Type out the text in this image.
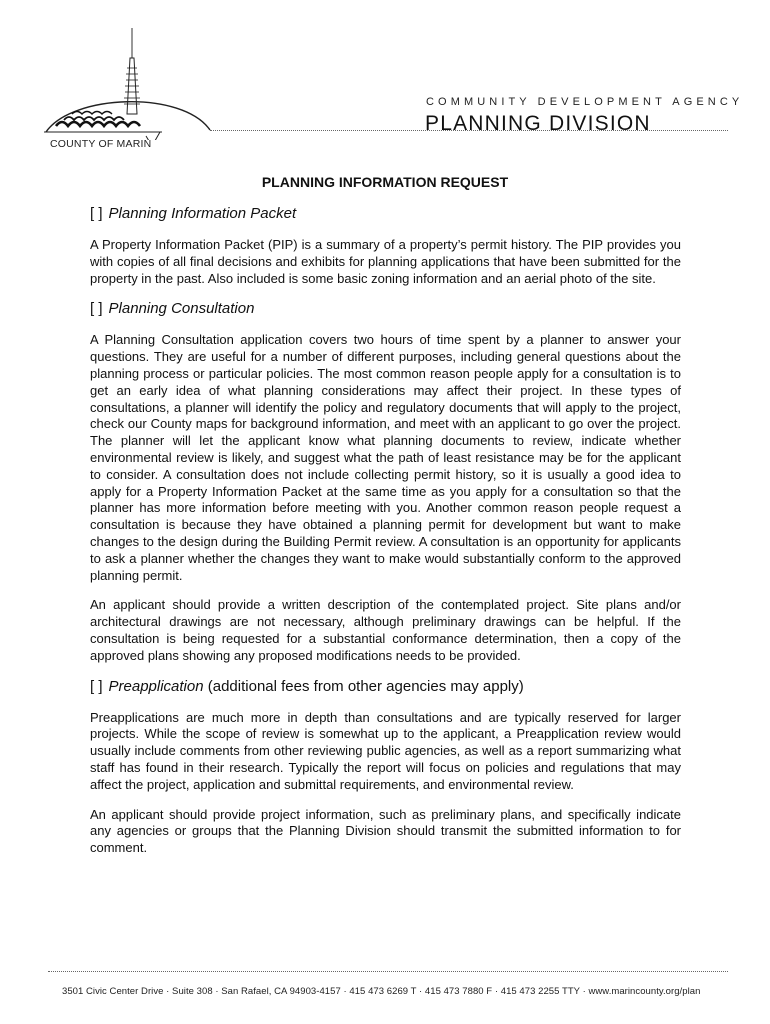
COUNTY OF MARIN
COMMUNITY DEVELOPMENT AGENCY
PLANNING DIVISION
PLANNING INFORMATION REQUEST
[ ] Planning Information Packet

A Property Information Packet (PIP) is a summary of a property’s permit history. The PIP provides you with copies of all final decisions and exhibits for planning applications that have been submitted for the property in the past. Also included is some basic zoning information and an aerial photo of the site.

[ ] Planning Consultation

A Planning Consultation application covers two hours of time spent by a planner to answer your questions. They are useful for a number of different purposes, including general questions about the planning process or particular policies. The most common reason people apply for a consultation is to get an early idea of what planning considerations may affect their project. In these types of consultations, a planner will identify the policy and regulatory documents that will apply to the project, check our County maps for background information, and meet with an applicant to go over the project. The planner will let the applicant know what planning documents to review, indicate whether environmental review is likely, and suggest what the path of least resistance may be for the applicant to consider. A consultation does not include collecting permit history, so it is usually a good idea to apply for a Property Information Packet at the same time as you apply for a consultation so that the planner has more information before meeting with you. Another common reason people request a consultation is because they have obtained a planning permit for development but want to make changes to the design during the Building Permit review. A consultation is an opportunity for applicants to ask a planner whether the changes they want to make would substantially conform to the approved planning permit.

An applicant should provide a written description of the contemplated project. Site plans and/or architectural drawings are not necessary, although preliminary drawings can be helpful. If the consultation is being requested for a substantial conformance determination, then a copy of the approved plans showing any proposed modifications needs to be provided.

[ ] Preapplication (additional fees from other agencies may apply)

Preapplications are much more in depth than consultations and are typically reserved for larger projects. While the scope of review is somewhat up to the applicant, a Preapplication review would usually include comments from other reviewing public agencies, as well as a report summarizing what staff has found in their research. Typically the report will focus on policies and regulations that may affect the project, application and submittal requirements, and environmental review.

An applicant should provide project information, such as preliminary plans, and specifically indicate any agencies or groups that the Planning Division should transmit the submitted information to for comment.

3501 Civic Center Drive · Suite 308 · San Rafael, CA 94903-4157 · 415 473 6269 T · 415 473 7880 F · 415 473 2255 TTY · www.marincounty.org/plan
